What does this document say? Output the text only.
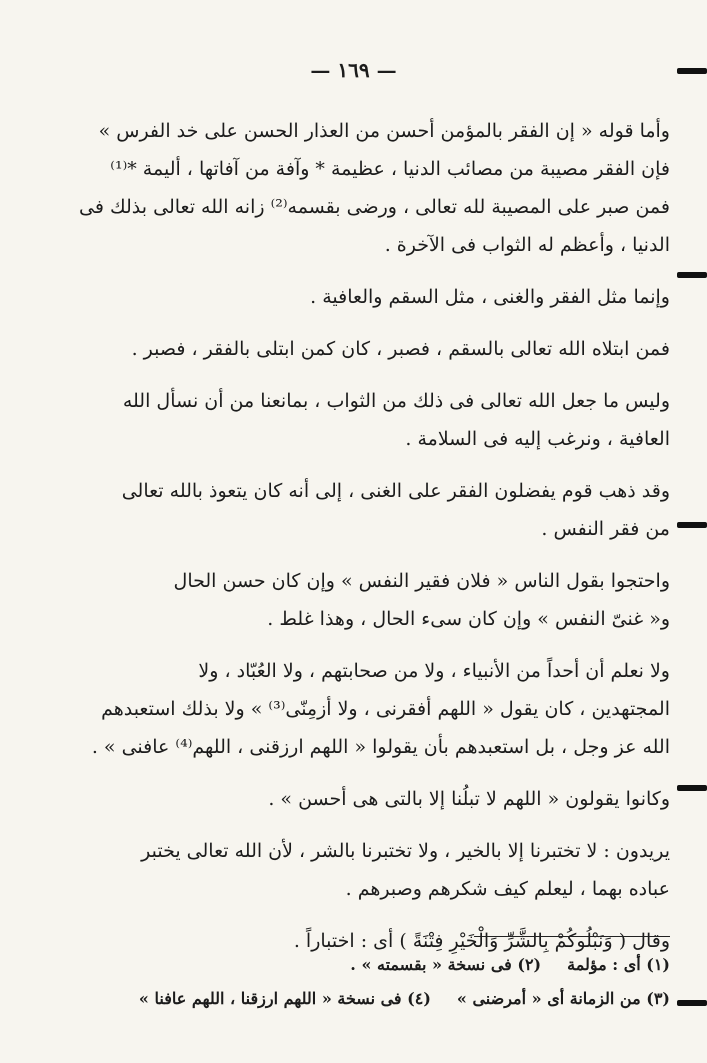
— ١٦٩ —
وأما قوله « إن الفقر بالمؤمن أحسن من العذار الحسن على خد الفرس »
فإن الفقر مصيبة من مصائب الدنيا ، عظيمة * وآفة من آفاتها ، أليمة *⁽¹⁾
فمن صبر على المصيبة لله تعالى ، ورضى بقسمه⁽²⁾ زانه الله تعالى بذلك فى
الدنيا ، وأعظم له الثواب فى الآخرة .
وإنما مثل الفقر والغنى ، مثل السقم والعافية .
فمن ابتلاه الله تعالى بالسقم ، فصبر ، كان كمن ابتلى بالفقر ، فصبر .
وليس ما جعل الله تعالى فى ذلك من الثواب ، بمانعنا من أن نسأل الله
العافية ، ونرغب إليه فى السلامة .
وقد ذهب قوم يفضلون الفقر على الغنى ، إلى أنه كان يتعوذ بالله تعالى
من فقر النفس .
واحتجوا بقول الناس « فلان فقير النفس » وإن كان حسن الحال
و« غنىّ النفس » وإن كان سىء الحال ، وهذا غلط .
ولا نعلم أن أحداً من الأنبياء ، ولا من صحابتهم ، ولا العُبّاد ، ولا
المجتهدين ، كان يقول « اللهم أفقرنى ، ولا أزمِنّى⁽³⁾ » ولا بذلك استعبدهم
الله عز وجل ، بل استعبدهم بأن يقولوا « اللهم ارزقنى ، اللهم⁽⁴⁾ عافنى » .
وكانوا يقولون « اللهم لا تبلُنا إلا بالتى هى أحسن » .
يريدون : لا تختبرنا إلا بالخير ، ولا تختبرنا بالشر ، لأن الله تعالى يختبر
عباده بهما ، ليعلم كيف شكرهم وصبرهم .
وقال ( وَنَبْلُوكُمْ بِالشَّرِّ وَالْخَيْرِ فِتْنَةً ) أى : اختباراً .
(١) أى : مؤلمة
(٢) فى نسخة « بقسمته » .
(٣) من الزمانة أى « أمرضنى »
(٤) فى نسخة « اللهم ارزقنا ، اللهم عافنا »
